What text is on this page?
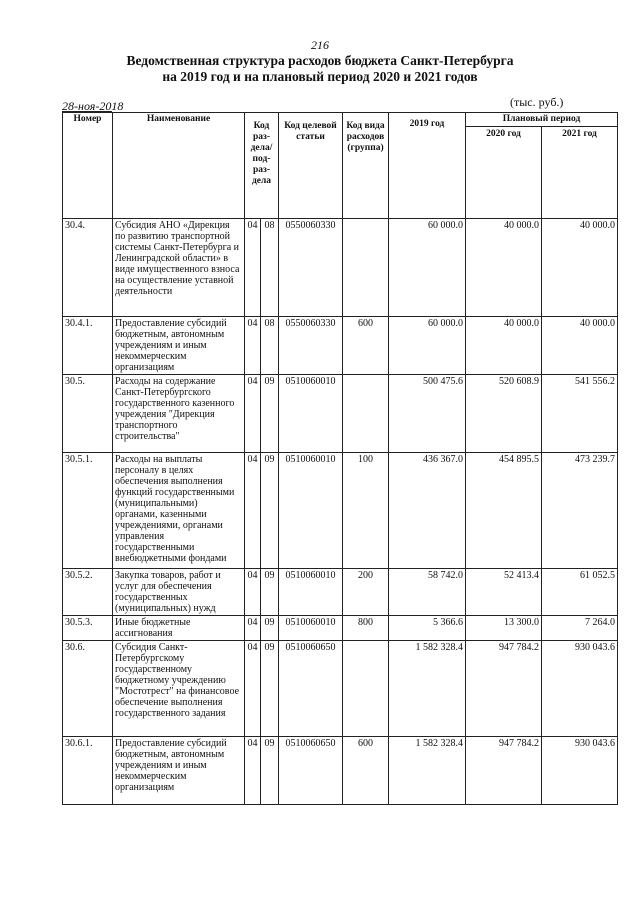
216
Ведомственная структура расходов бюджета Санкт-Петербурга
на 2019 год и на плановый период 2020 и 2021 годов
28-ноя-2018	(тыс. руб.)
Номер	Наименование	Код раз-дела/ под-раз-дела		Код целевой статьи	Код вида расходов (группа)	2019 год	Плановый период	
							2020 год	2021 год
30.4.	Субсидия АНО «Дирекция по развитию транспортной системы Санкт-Петербурга и Ленинградской области» в виде имущественного взноса на осуществление уставной деятельности	04	08	0550060330		60 000.0	40 000.0	40 000.0
30.4.1.	Предоставление субсидий бюджетным, автономным учреждениям и иным некоммерческим организациям	04	08	0550060330	600	60 000.0	40 000.0	40 000.0
30.5.	Расходы на содержание Санкт-Петербургского государственного казенного учреждения "Дирекция транспортного строительства"	04	09	0510060010		500 475.6	520 608.9	541 556.2
30.5.1.	Расходы на выплаты персоналу в целях обеспечения выполнения функций государственными (муниципальными) органами, казенными учреждениями, органами управления государственными внебюджетными фондами	04	09	0510060010	100	436 367.0	454 895.5	473 239.7
30.5.2.	Закупка товаров, работ и услуг для обеспечения государственных (муниципальных) нужд	04	09	0510060010	200	58 742.0	52 413.4	61 052.5
30.5.3.	Иные бюджетные ассигнования	04	09	0510060010	800	5 366.6	13 300.0	7 264.0
30.6.	Субсидия Санкт-Петербургскому государственному бюджетному учреждению "Мостотрест" на финансовое обеспечение выполнения государственного задания	04	09	0510060650		1 582 328.4	947 784.2	930 043.6
30.6.1.	Предоставление субсидий бюджетным, автономным учреждениям и иным некоммерческим организациям	04	09	0510060650	600	1 582 328.4	947 784.2	930 043.6
